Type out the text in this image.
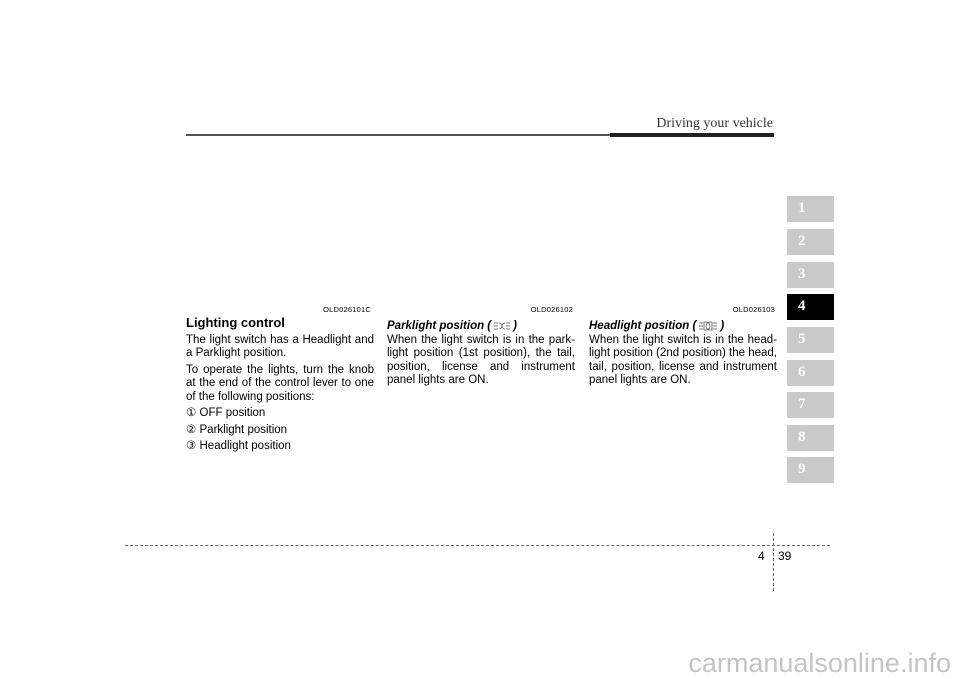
Driving your vehicle
1
2
3
4
5
6
7
8
9
OLD026101C	OLD026102	OLD026103
Lighting control

The light switch has a Headlight and a Parklight position.

To operate the lights, turn the knob at the end of the control lever to one of the following positions:

① OFF position
② Parklight position
③ Headlight position
Parklight position ( )

When the light switch is in the park-light position (1st position), the tail, position, license and instrument panel lights are ON.

Headlight position ( )

When the light switch is in the head-light position (2nd position) the head, tail, position, license and instrument panel lights are ON.

4 39
carmanualsonline.info
